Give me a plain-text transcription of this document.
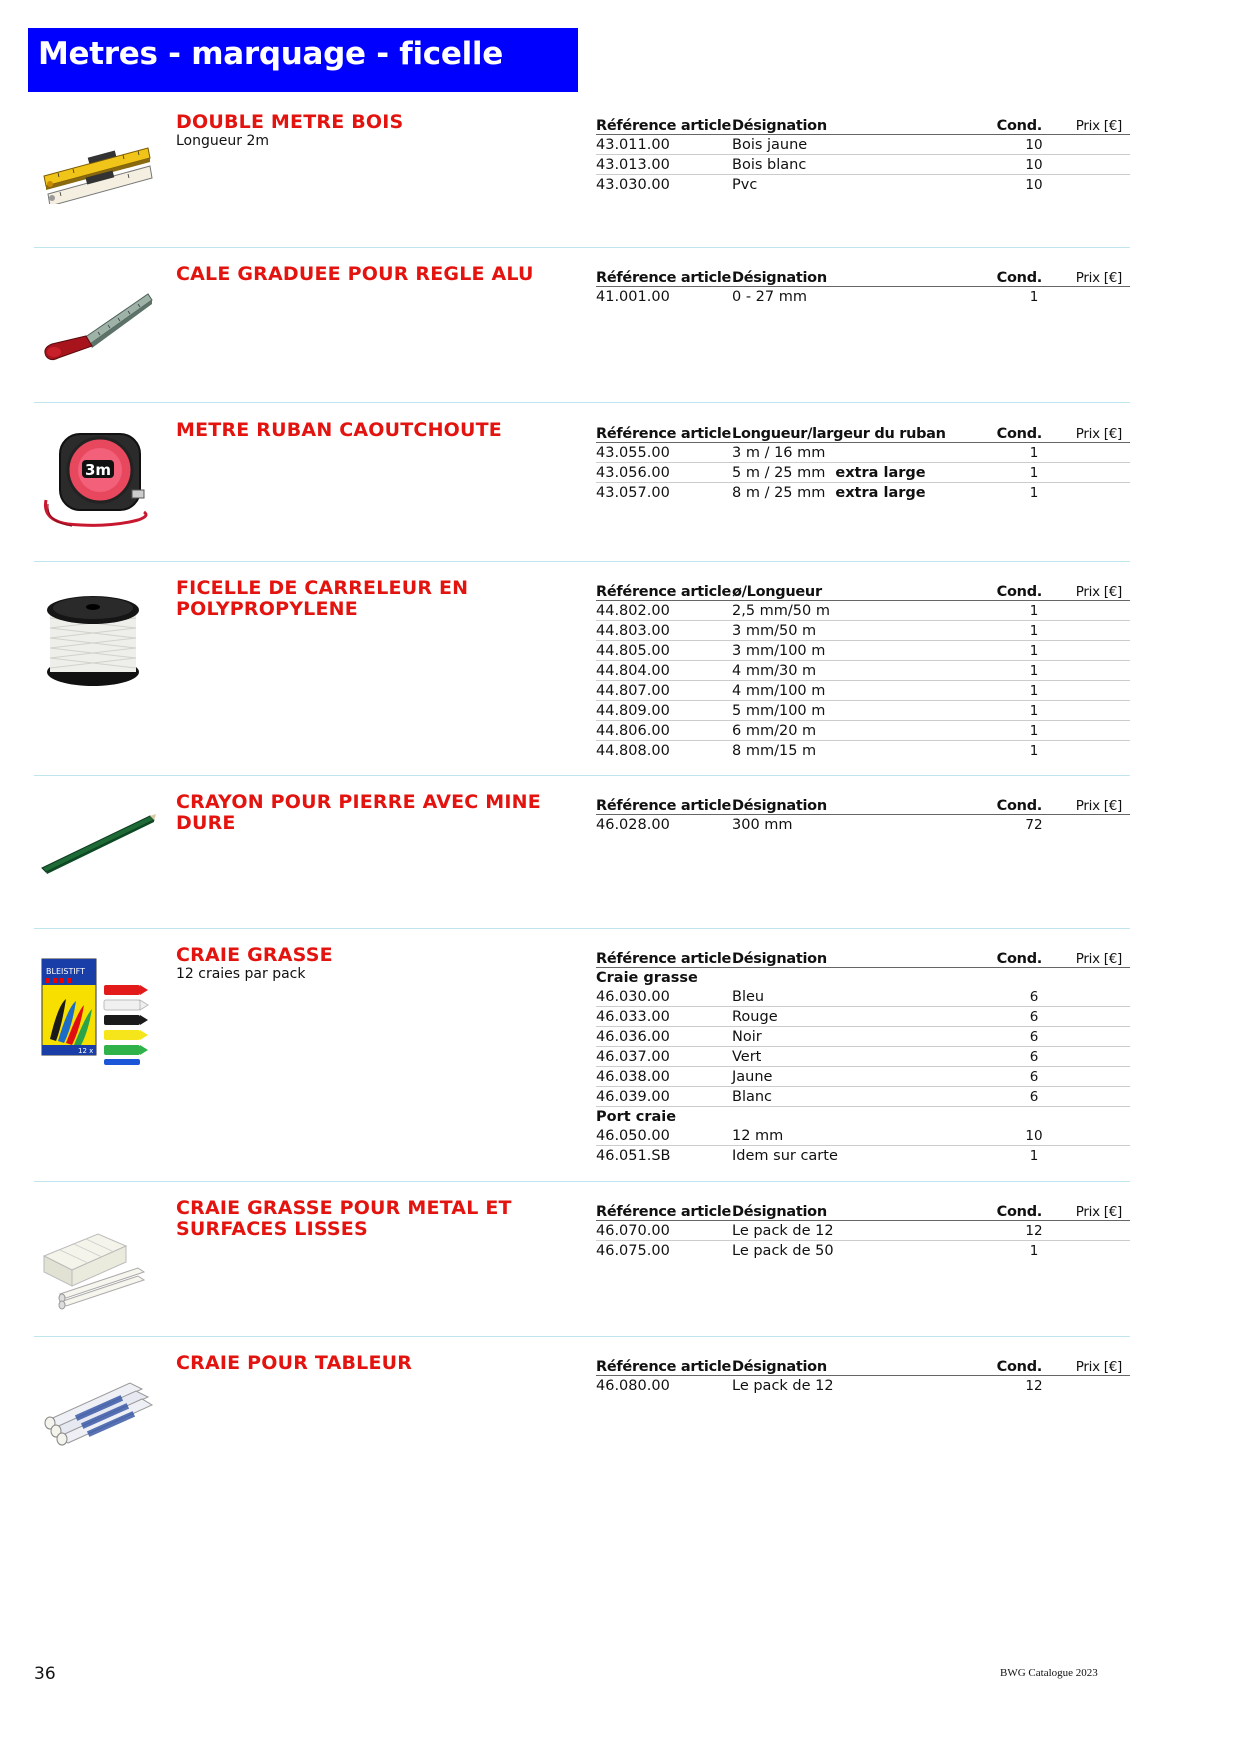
Metres - marquage - ficelle
DOUBLE METRE BOIS
Longueur 2m
Référence article	Désignation	Cond.	Prix [€]
43.011.00	Bois jaune	10	
43.013.00	Bois blanc	10	
43.030.00	Pvc	10	
CALE GRADUEE POUR REGLE ALU	Référence article	Désignation	Cond.	Prix [€]
41.001.00	0 - 27 mm	1	
3m
METRE RUBAN CAOUTCHOUTE	Référence article	Longueur/largeur du ruban	Cond.	Prix [€]
43.055.00	3 m / 16 mm	1	
43.056.00	5 m / 25 mm extra large	1	
43.057.00	8 m / 25 mm extra large	1	
FICELLE DE CARRELEUR EN POLYPROPYLENE
Référence article	ø/Longueur	Cond.	Prix [€]
44.802.00	2,5 mm/50 m	1	
44.803.00	3 mm/50 m	1	
44.805.00	3 mm/100 m	1	
44.804.00	4 mm/30 m	1	
44.807.00	4 mm/100 m	1	
44.809.00	5 mm/100 m	1	
44.806.00	6 mm/20 m	1	
44.808.00	8 mm/15 m	1	
CRAYON POUR PIERRE AVEC MINE DURE
Référence article	Désignation	Cond.	Prix [€]
46.028.00	300 mm	72	
BLEISTIFT
12 x
CRAIE GRASSE
12 craies par pack
Référence article	Désignation	Cond.	Prix [€]
Craie grasse			
46.030.00	Bleu	6	
46.033.00	Rouge	6	
46.036.00	Noir	6	
46.037.00	Vert	6	
46.038.00	Jaune	6	
46.039.00	Blanc	6	
Port craie			
46.050.00	12 mm	10	
46.051.SB	Idem sur carte	1	
CRAIE GRASSE POUR METAL ET SURFACES LISSES
Référence article	Désignation	Cond.	Prix [€]
46.070.00	Le pack de 12	12	
46.075.00	Le pack de 50	1	
CRAIE POUR TABLEUR	Référence article	Désignation	Cond.	Prix [€]
46.080.00	Le pack de 12	12	
36	BWG Catalogue 2023
